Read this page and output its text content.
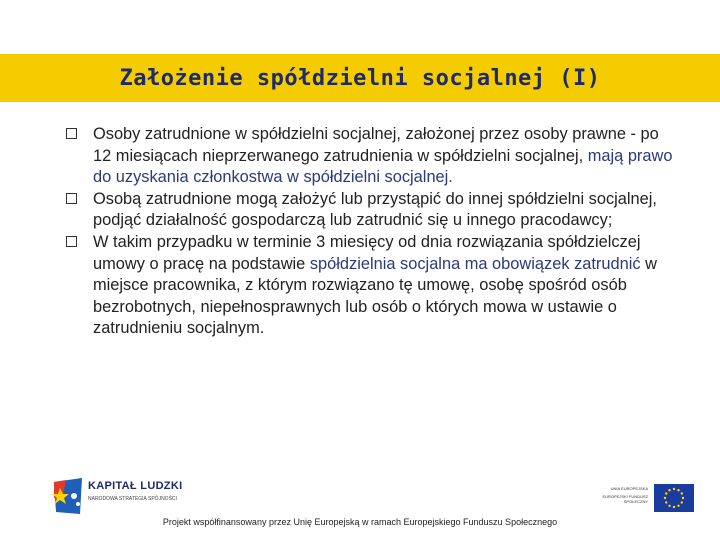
Założenie spółdzielni socjalnej (I)
Osoby zatrudnione w spółdzielni socjalnej, założonej przez osoby prawne - po 12 miesiącach nieprzerwanego zatrudnienia w spółdzielni socjalnej, mają prawo do uzyskania członkostwa w spółdzielni socjalnej.
Osobą zatrudnione mogą założyć lub przystąpić do innej spółdzielni socjalnej, podjąć działalność gospodarczą lub zatrudnić się u innego pracodawcy;
W takim przypadku w terminie 3 miesięcy od dnia rozwiązania spółdzielczej umowy o pracę na podstawie spółdzielnia socjalna ma obowiązek zatrudnić w miejsce pracownika, z którym rozwiązano tę umowę, osobę spośród osób bezrobotnych, niepełnosprawnych lub osób o których mowa w ustawie o zatrudnieniu socjalnym.
KAPITAŁ LUDZKI
NARODOWA STRATEGIA SPÓJNOŚCI
UNIA EUROPEJSKA
EUROPEJSKI FUNDUSZ SPOŁECZNY
Projekt współfinansowany przez Unię Europejską w ramach Europejskiego Funduszu Społecznego
